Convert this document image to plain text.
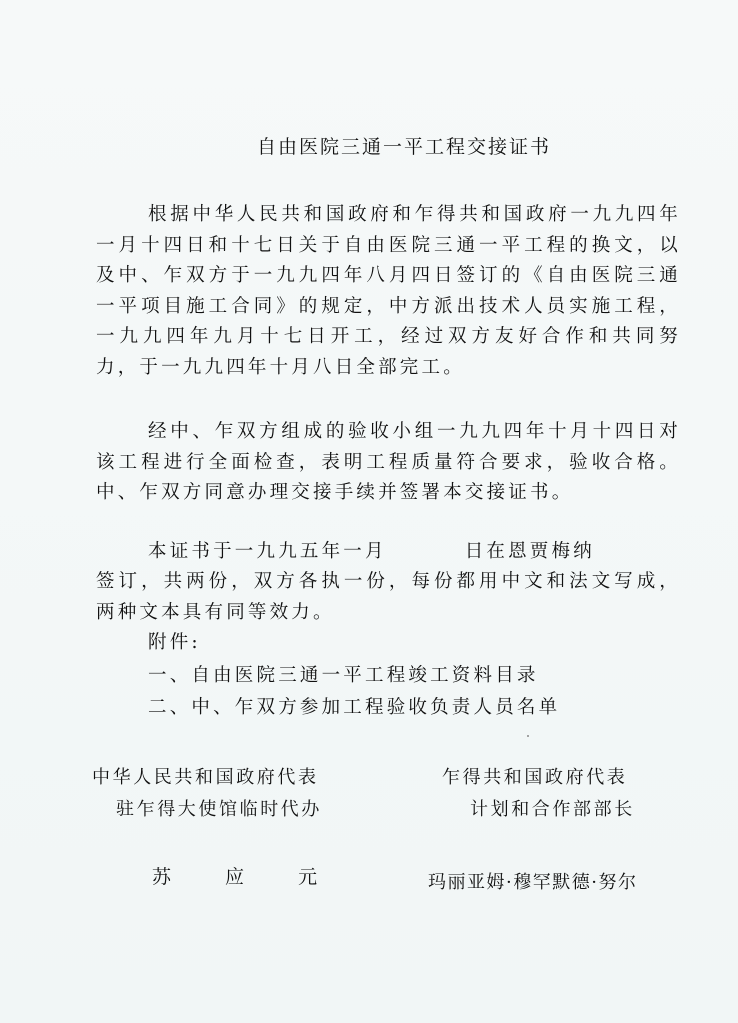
自由医院三通一平工程交接证书
根据中华人民共和国政府和乍得共和国政府一九九四年一月十四日和十七日关于自由医院三通一平工程的换文，以及中、乍双方于一九九四年八月四日签订的《自由医院三通一平项目施工合同》的规定，中方派出技术人员实施工程，一九九四年九月十七日开工，经过双方友好合作和共同努力，于一九九四年十月八日全部完工。
经中、乍双方组成的验收小组一九九四年十月十四日对该工程进行全面检查，表明工程质量符合要求，验收合格。中、乍双方同意办理交接手续并签署本交接证书。
本证书于一九九五年一月	日在恩贾梅纳
签订，共两份，双方各执一份，每份都用中文和法文写成，两种文本具有同等效力。
附件:
一、自由医院三通一平工程竣工资料目录
二、中、乍双方参加工程验收负责人员名单
中华人民共和国政府代表
驻乍得大使馆临时代办
乍得共和国政府代表
计划和合作部部长
苏 应 元	玛丽亚姆·穆罕默德·努尔
